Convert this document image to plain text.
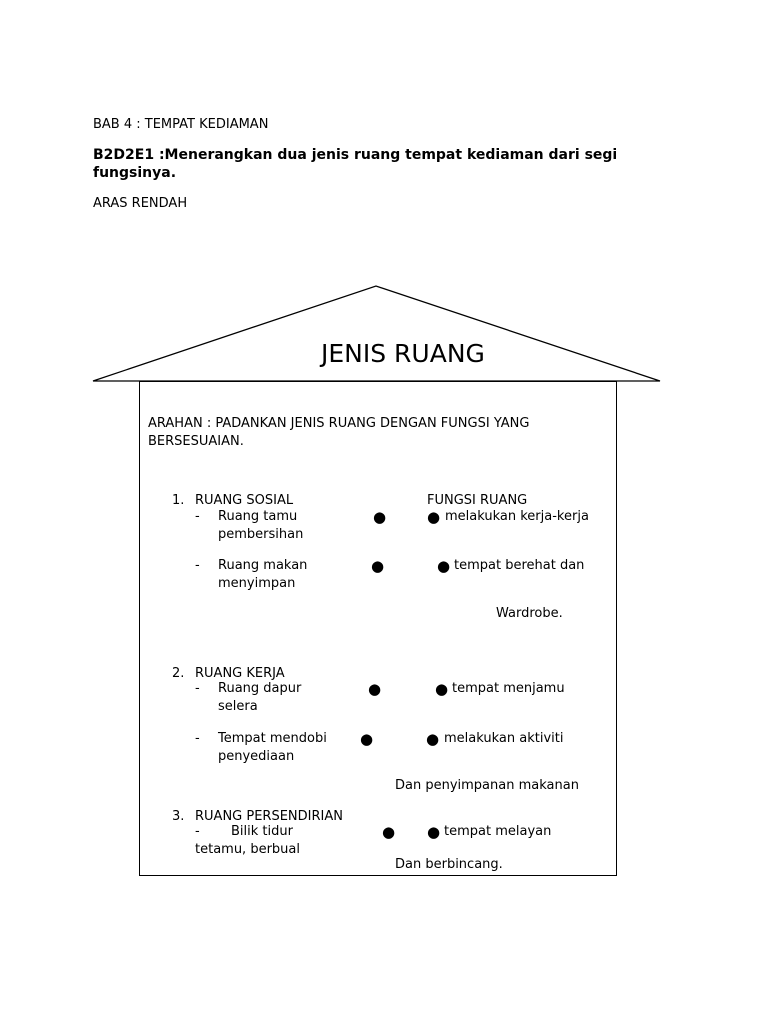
BAB 4 : TEMPAT KEDIAMAN
B2D2E1 :Menerangkan dua jenis ruang tempat kediaman dari segi
fungsinya.
ARAS RENDAH
JENIS RUANG
ARAHAN : PADANKAN JENIS RUANG DENGAN FUNGSI YANG
BERSESUAIAN.
1. RUANG SOSIAL	FUNGSI RUANG
- Ruang tamu
pembersihan
●	● melakukan kerja-kerja
- Ruang makan
menyimpan
●	● tempat berehat dan
Wardrobe.
2. RUANG KERJA
- Ruang dapur
selera
●	● tempat menjamu
- Tempat mendobi
penyediaan
●	● melakukan aktiviti
Dan penyimpanan makanan
3. RUANG PERSENDIRIAN
- Bilik tidur
tetamu, berbual
● ● tempat melayan
Dan berbincang.
